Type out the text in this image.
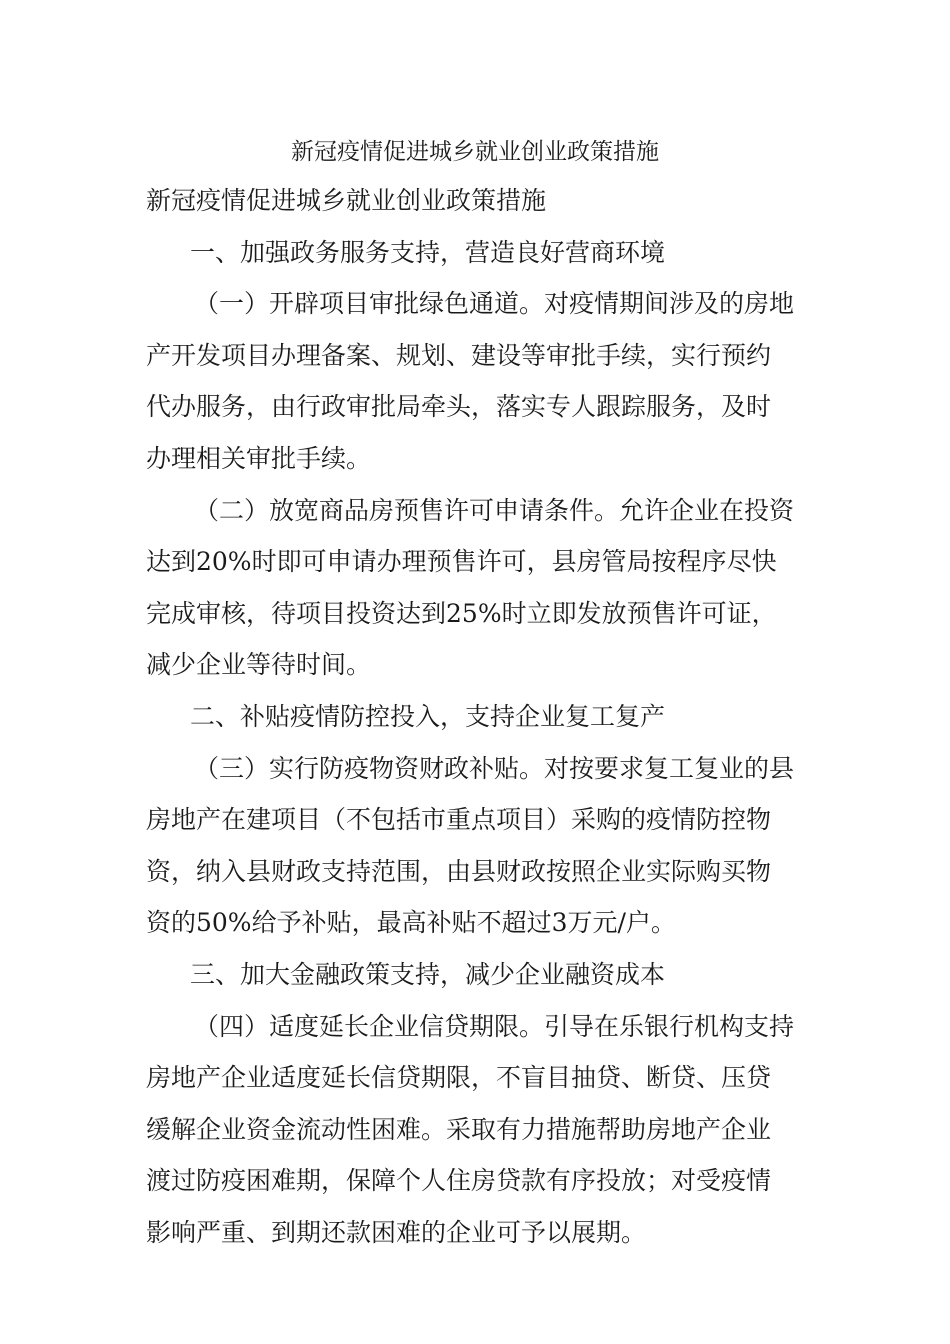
新冠疫情促进城乡就业创业政策措施
新冠疫情促进城乡就业创业政策措施
一、加强政务服务支持，营造良好营商环境
（一）开辟项目审批绿色通道。对疫情期间涉及的房地
产开发项目办理备案、规划、建设等审批手续，实行预约
代办服务，由行政审批局牵头，落实专人跟踪服务，及时
办理相关审批手续。
（二）放宽商品房预售许可申请条件。允许企业在投资
达到20%时即可申请办理预售许可，县房管局按程序尽快
完成审核，待项目投资达到25%时立即发放预售许可证，
减少企业等待时间。
二、补贴疫情防控投入，支持企业复工复产
（三）实行防疫物资财政补贴。对按要求复工复业的县
房地产在建项目（不包括市重点项目）采购的疫情防控物
资，纳入县财政支持范围，由县财政按照企业实际购买物
资的50%给予补贴，最高补贴不超过3万元/户。
三、加大金融政策支持，减少企业融资成本
（四）适度延长企业信贷期限。引导在乐银行机构支持
房地产企业适度延长信贷期限，不盲目抽贷、断贷、压贷
缓解企业资金流动性困难。采取有力措施帮助房地产企业
渡过防疫困难期，保障个人住房贷款有序投放；对受疫情
影响严重、到期还款困难的企业可予以展期。
